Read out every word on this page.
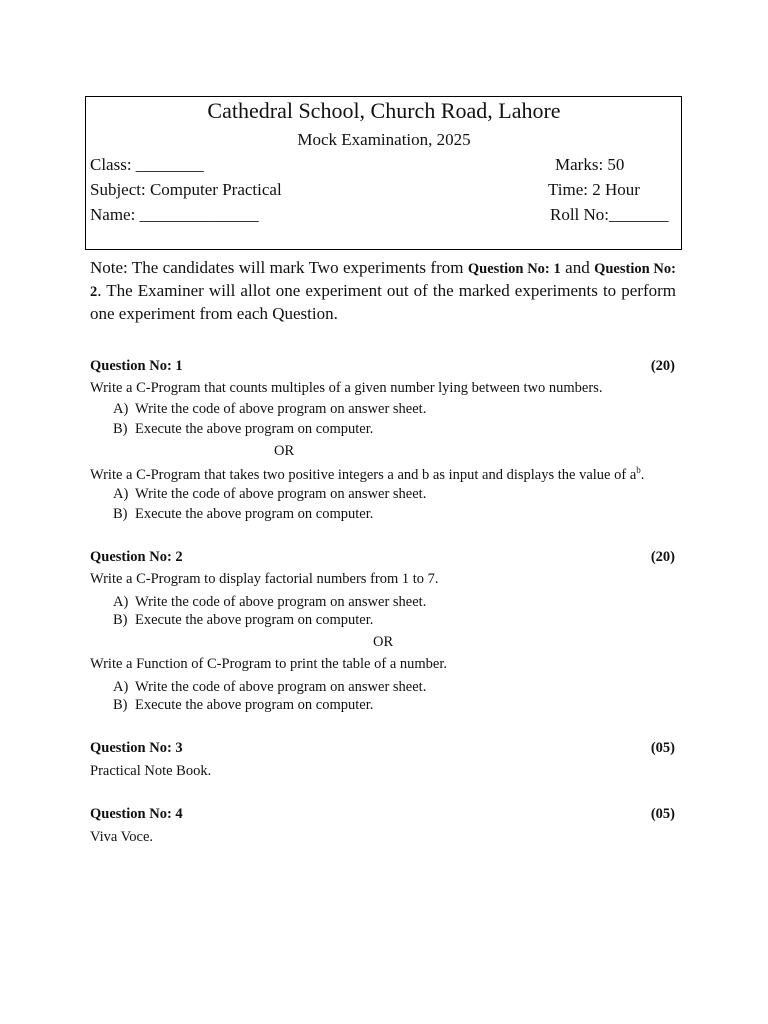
Cathedral School, Church Road, Lahore
Mock Examination, 2025
Class: ________	Marks: 50
Subject: Computer Practical	Time: 2 Hour
Name: ______________	Roll No:_______
Note: The candidates will mark Two experiments from Question No: 1 and Question No: 2. The Examiner will allot one experiment out of the marked experiments to perform one experiment from each Question.
Question No: 1	(20)
Write a C-Program that counts multiples of a given number lying between two numbers.
A) Write the code of above program on answer sheet.
B) Execute the above program on computer.
OR
Write a C-Program that takes two positive integers a and b as input and displays the value of $a^b$.
A) Write the code of above program on answer sheet.
B) Execute the above program on computer.
Question No: 2	(20)
Write a C-Program to display factorial numbers from 1 to 7.
A) Write the code of above program on answer sheet.
B) Execute the above program on computer.
OR
Write a Function of C-Program to print the table of a number.
A) Write the code of above program on answer sheet.
B) Execute the above program on computer.
Question No: 3	(05)
Practical Note Book.
Question No: 4	(05)
Viva Voce.
